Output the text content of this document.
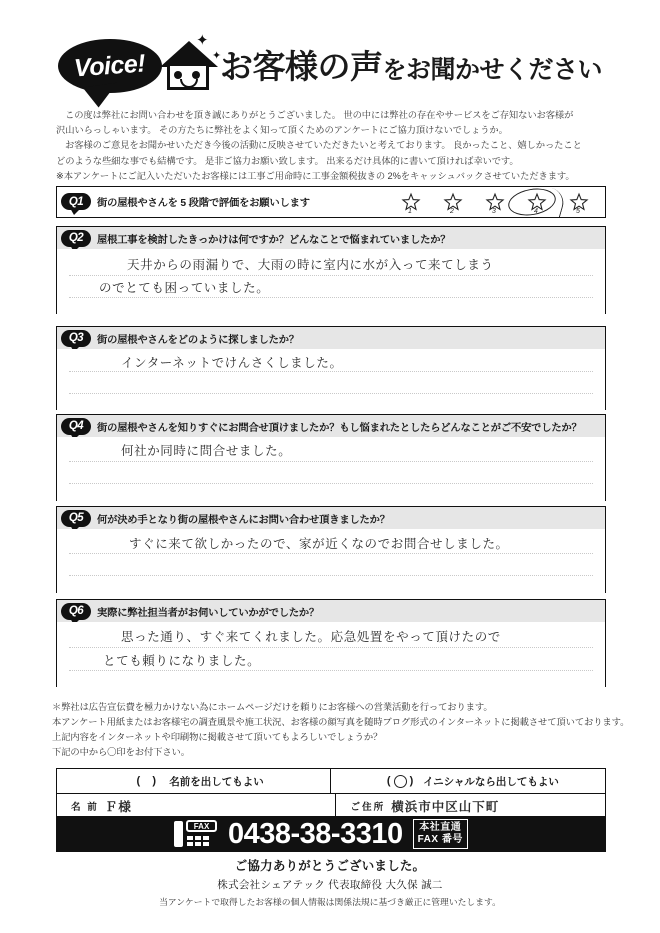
Voice!
✦
✦
お客様の声をお聞かせください

この度は弊社にお問い合わせを頂き誠にありがとうございました。 世の中には弊社の存在やサービスをご存知ないお客様が

沢山いらっしゃいます。 その方たちに弊社をよく知って頂くためのアンケートにご協力頂けないでしょうか。

お客様のご意見をお聞かせいただき今後の活動に反映させていただきたいと考えております。 良かったこと、嬉しかったこと

どのような些細な事でも結構です。 是非ご協力お願い致します。 出来るだけ具体的に書いて頂ければ幸いです。

※本アンケートにご記入いただいたお客様には工事ご用命時に工事金額税抜きの 2%をキャッシュバックさせていただきます。

Q1	街の屋根やさんを 5 段階で評価をお願いします
1	2	3	4	5
Q2	屋根工事を検討したきっかけは何ですか？どんなことで悩まれていましたか？
天井からの雨漏りで、大雨の時に室内に水が入って来てしまう
のでとても困っていました。
Q3	街の屋根やさんをどのように探しましたか？
インターネットでけんさくしました。
Q4	街の屋根やさんを知りすぐにお問合せ頂けましたか？もし悩まれたとしたらどんなことがご不安でしたか？
何社か同時に問合せました。
Q5	何が決め手となり街の屋根やさんにお問い合わせ頂きましたか？
すぐに来て欲しかったので、家が近くなのでお問合せしました。
Q6	実際に弊社担当者がお伺いしていかがでしたか？
思った通り、すぐ来てくれました。応急処置をやって頂けたので
とても頼りになりました。

＊弊社は広告宣伝費を極力かけない為にホームページだけを頼りにお客様への営業活動を行っております。

本アンケート用紙またはお客様宅の調査風景や施工状況、お客様の顔写真を随時ブログ形式のインターネットに掲載させて頂いております。

上記内容をインターネットや印刷物に掲載させて頂いてもよろしいでしょうか？

下記の中から〇印をお付下さい。

(    )	名前を出してもよい	( ○ ) イニシャルなら出してもよい
名 前 Ｆ様	ご住所 横浜市中区山下町
FAX 0438-38-3310 本社直通
FAX 番号
ご協力ありがとうございました。
株式会社シェアテック 代表取締役 大久保 誠二
当アンケートで取得したお客様の個人情報は関係法規に基づき厳正に管理いたします。
